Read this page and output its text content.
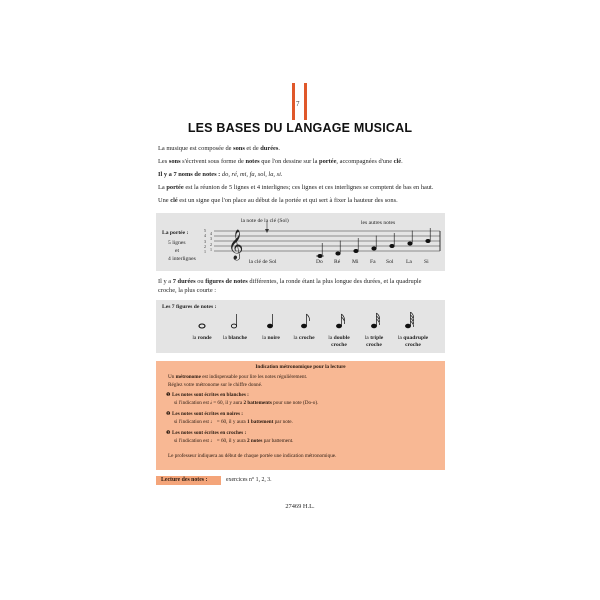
7
LES BASES DU LANGAGE MUSICAL
La musique est composée de sons et de durées.
Les sons s'écrivent sous forme de notes que l'on dessine sur la portée, accompagnées d'une clé.
Il y a 7 noms de notes : do, ré, mi, fa, sol, la, si.
La portée est la réunion de 5 lignes et 4 interlignes; ces lignes et ces interlignes se comptent de bas en haut.
Une clé est un signe que l'on place au début de la portée et qui sert à fixer la hauteur des sons.
La portée :
5 lignes
et
4 interlignes
5
4
3
2
1
4
3
2
1 𝄞
la note de la clé (Sol)	les autres notes
la clé de Sol	Do Ré Mi Fa Sol La Si
Il y a 7 durées ou figures de notes différentes, la ronde étant la plus longue des durées, et la quadruple
croche, la plus courte :
Les 7 figures de notes :
la ronde	la blanche	la noire	la croche	la double
croche
la triple
croche
la quadruple
croche
Indication métronomique pour la lecture
Un métronome est indispensable pour lire les notes régulièrement.
Réglez votre métronome sur le chiffre donné.
❶ Les notes sont écrites en blanches :
si l'indication est 𝅗𝅥 = 60, il y aura 2 battements pour une note (Do-o).
❷ Les notes sont écrites en noires :
si l'indication est ♩ = 60, il y aura 1 battement par note.
❸ Les notes sont écrites en croches :
si l'indication est ♩ = 60, il y aura 2 notes par battement.
Le professeur indiquera au début de chaque portée une indication métronomique.
Lecture des notes :	exercices n° 1, 2, 3.
27469 H.L.
